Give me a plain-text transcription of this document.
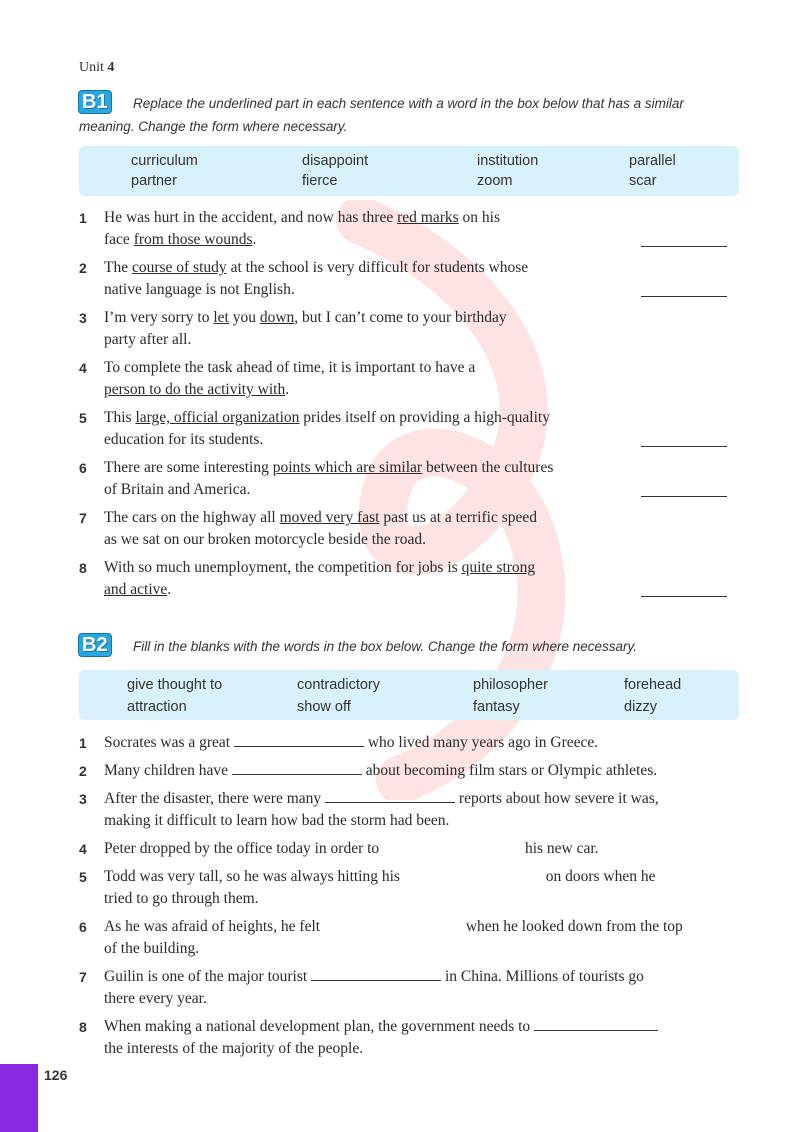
Unit 4
B1 Replace the underlined part in each sentence with a word in the box below that has a similar
meaning. Change the form where necessary.
curriculum	disappoint	institution	parallel
partner	fierce	zoom	scar
1 He was hurt in the accident, and now has three red marks on his
face from those wounds.
2 The course of study at the school is very difficult for students whose
native language is not English.
3 I’m very sorry to let you down, but I can’t come to your birthday
party after all.
4 To complete the task ahead of time, it is important to have a
person to do the activity with.
5 This large, official organization prides itself on providing a high-quality
education for its students.
6 There are some interesting points which are similar between the cultures
of Britain and America.
7 The cars on the highway all moved very fast past us at a terrific speed
as we sat on our broken motorcycle beside the road.
8 With so much unemployment, the competition for jobs is quite strong
and active.
B2 Fill in the blanks with the words in the box below. Change the form where necessary.
give thought to	contradictory	philosopher	forehead
attraction	show off	fantasy	dizzy
1 Socrates was a great	who lived many years ago in Greece.
2 Many children have	about becoming film stars or Olympic athletes.
3 After the disaster, there were many	reports about how severe it was,
making it difficult to learn how bad the storm had been.
4 Peter dropped by the office today in order to	his new car.
5 Todd was very tall, so he was always hitting his	on doors when he
tried to go through them.
6 As he was afraid of heights, he felt	when he looked down from the top
of the building.
7 Guilin is one of the major tourist	in China. Millions of tourists go
there every year.
8 When making a national development plan, the government needs to
the interests of the majority of the people.
126
